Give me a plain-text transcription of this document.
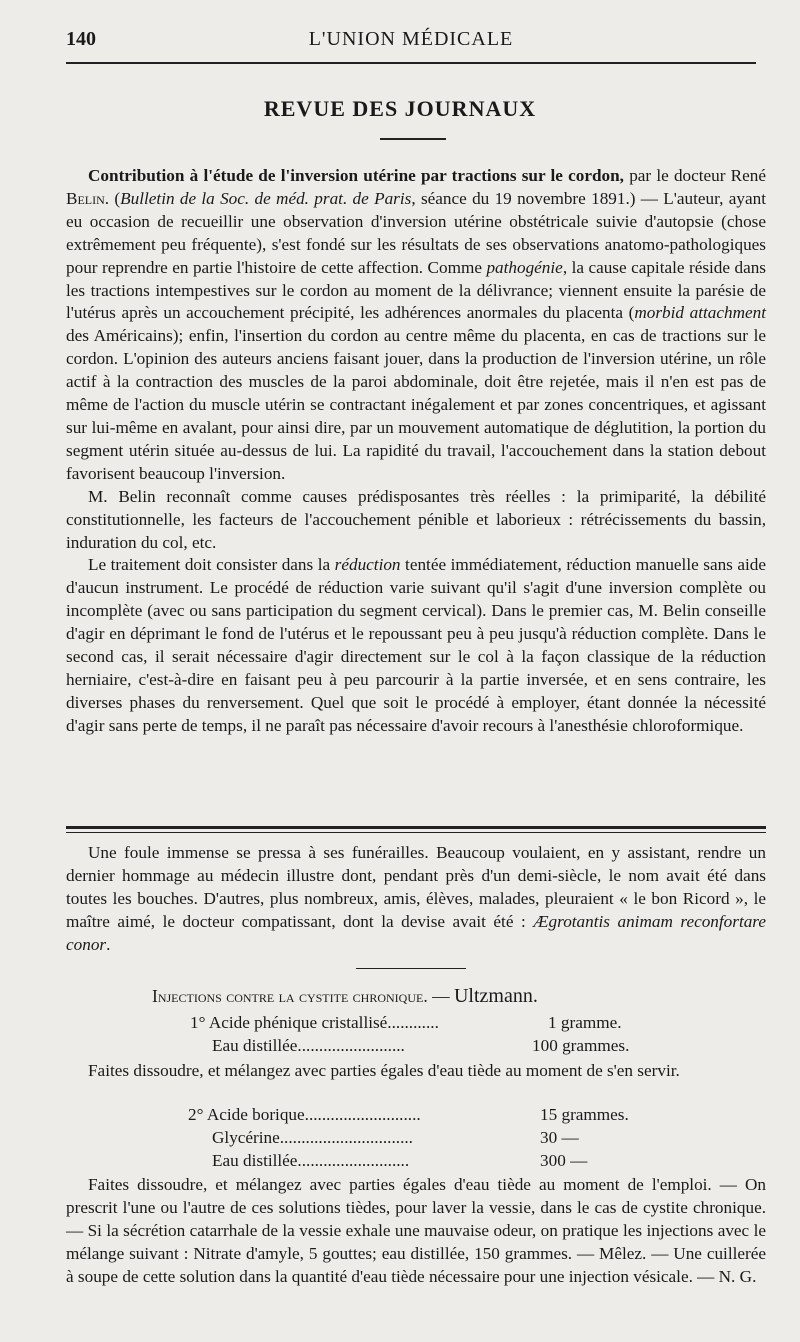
140	L'UNION MÉDICALE
REVUE DES JOURNAUX

Contribution à l'étude de l'inversion utérine par tractions sur le cordon, par le docteur René Belin. (Bulletin de la Soc. de méd. prat. de Paris, séance du 19 novembre 1891.) — L'auteur, ayant eu occasion de recueillir une observation d'inversion utérine obstétricale suivie d'autopsie (chose extrêmement peu fréquente), s'est fondé sur les résultats de ses observations anatomo-pathologiques pour reprendre en partie l'histoire de cette affection. Comme pathogénie, la cause capitale réside dans les tractions intempestives sur le cordon au moment de la délivrance; viennent ensuite la parésie de l'utérus après un accouchement précipité, les adhérences anormales du placenta (morbid attachment des Américains); enfin, l'insertion du cordon au centre même du placenta, en cas de tractions sur le cordon. L'opinion des auteurs anciens faisant jouer, dans la production de l'inversion utérine, un rôle actif à la contraction des muscles de la paroi abdominale, doit être rejetée, mais il n'en est pas de même de l'action du muscle utérin se contractant inégalement et par zones concentriques, et agissant sur lui-même en avalant, pour ainsi dire, par un mouvement automatique de déglutition, la portion du segment utérin située au-dessus de lui. La rapidité du travail, l'accouchement dans la station debout favorisent beaucoup l'inversion.

M. Belin reconnaît comme causes prédisposantes très réelles : la primiparité, la débilité constitutionnelle, les facteurs de l'accouchement pénible et laborieux : rétrécissements du bassin, induration du col, etc.

Le traitement doit consister dans la réduction tentée immédiatement, réduction manuelle sans aide d'aucun instrument. Le procédé de réduction varie suivant qu'il s'agit d'une inversion complète ou incomplète (avec ou sans participation du segment cervical). Dans le premier cas, M. Belin conseille d'agir en déprimant le fond de l'utérus et le repoussant peu à peu jusqu'à réduction complète. Dans le second cas, il serait nécessaire d'agir directement sur le col à la façon classique de la réduction herniaire, c'est-à-dire en faisant peu à peu parcourir à la partie inversée, et en sens contraire, les diverses phases du renversement. Quel que soit le procédé à employer, étant donnée la nécessité d'agir sans perte de temps, il ne paraît pas nécessaire d'avoir recours à l'anesthésie chloroformique.

Une foule immense se pressa à ses funérailles. Beaucoup voulaient, en y assistant, rendre un dernier hommage au médecin illustre dont, pendant près d'un demi-siècle, le nom avait été dans toutes les bouches. D'autres, plus nombreux, amis, élèves, malades, pleuraient « le bon Ricord », le maître aimé, le docteur compatissant, dont la devise avait été : Ægrotantis animam reconfortare conor.

Injections contre la cystite chronique. — Ultzmann.
1° Acide phénique cristallisé............	1 gramme.
Eau distillée.........................	100 grammes.

Faites dissoudre, et mélangez avec parties égales d'eau tiède au moment de s'en servir.

2° Acide borique...........................	15 grammes.
Glycérine...............................	30 —
Eau distillée..........................	300 —

Faites dissoudre, et mélangez avec parties égales d'eau tiède au moment de l'emploi. — On prescrit l'une ou l'autre de ces solutions tièdes, pour laver la vessie, dans le cas de cystite chronique. — Si la sécrétion catarrhale de la vessie exhale une mauvaise odeur, on pratique les injections avec le mélange suivant : Nitrate d'amyle, 5 gouttes; eau distillée, 150 grammes. — Mêlez. — Une cuillerée à soupe de cette solution dans la quantité d'eau tiède nécessaire pour une injection vésicale. — N. G.
